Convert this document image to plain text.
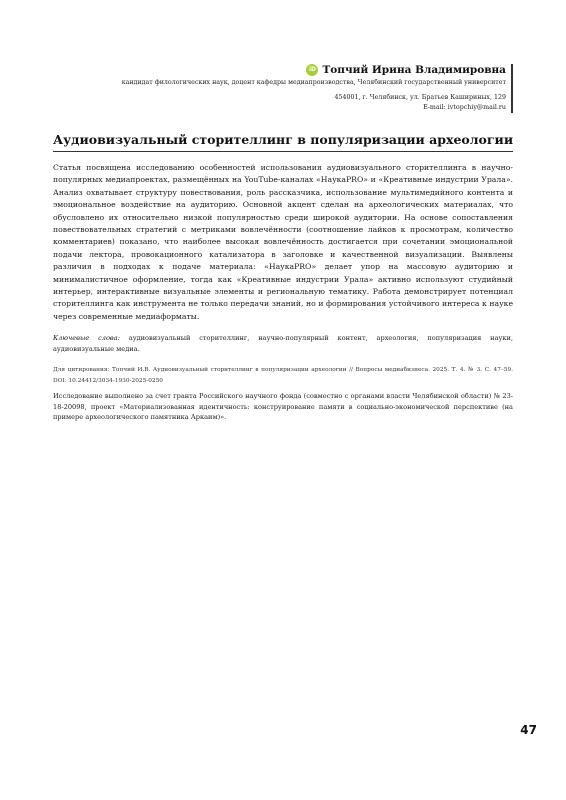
iD Топчий Ирина Владимировна
кандидат филологических наук, доцент кафедры медиапроизводства, Челябинский государственный университет
454001, г. Челябинск, ул. Братьев Кашириных, 129
E-mail: ivtopchiy@mail.ru
Аудиовизуальный сторителлинг в популяризации археологии

Статья посвящена исследованию особенностей использования аудиовизуального сторителлинга в научно-популярных медиапроектах, размещённых на YouTube-каналах «НаукаPRO» и «Креативные индустрии Урала». Анализ охватывает структуру повествования, роль рассказчика, использование мультимедийного контента и эмоциональное воздействие на аудиторию. Основной акцент сделан на археологических материалах, что обусловлено их относительно низкой популярностью среди широкой аудитории. На основе сопоставления повествовательных стратегий с метриками вовлечённости (соотношение лайков к просмотрам, количество комментариев) показано, что наиболее высокая вовлечённость достигается при сочетании эмоциональной подачи лектора, провокационного катализатора в заголовке и качественной визуализации. Выявлены различия в подходах к подаче материала: «НаукаPRO» делает упор на массовую аудиторию и минималистичное оформление, тогда как «Креативные индустрии Урала» активно используют студийный интерьер, интерактивные визуальные элементы и региональную тематику. Работа демонстрирует потенциал сторителлинга как инструмента не только передачи знаний, но и формирования устойчивого интереса к науке через современные медиаформаты.

Ключевые слова: аудиовизуальный сторителлинг, научно-популярный контент, археология, популяризация науки, аудиовизуальные медиа.
Для цитирования: Топчий И.В. Аудиовизуальный сторителлинг в популяризации археологии // Вопросы медиабизнеса. 2025. Т. 4. № 3. С. 47–59. DOI: 10.24412/3034-1930-2025-0250
Исследование выполнено за счет гранта Российского научного фонда (совместно с органами власти Челябинской области) № 23-18-20098, проект «Материализованная идентичность: конструирование памяти в социально-экономической перспективе (на примере археологического памятника Аркаим)».
47
